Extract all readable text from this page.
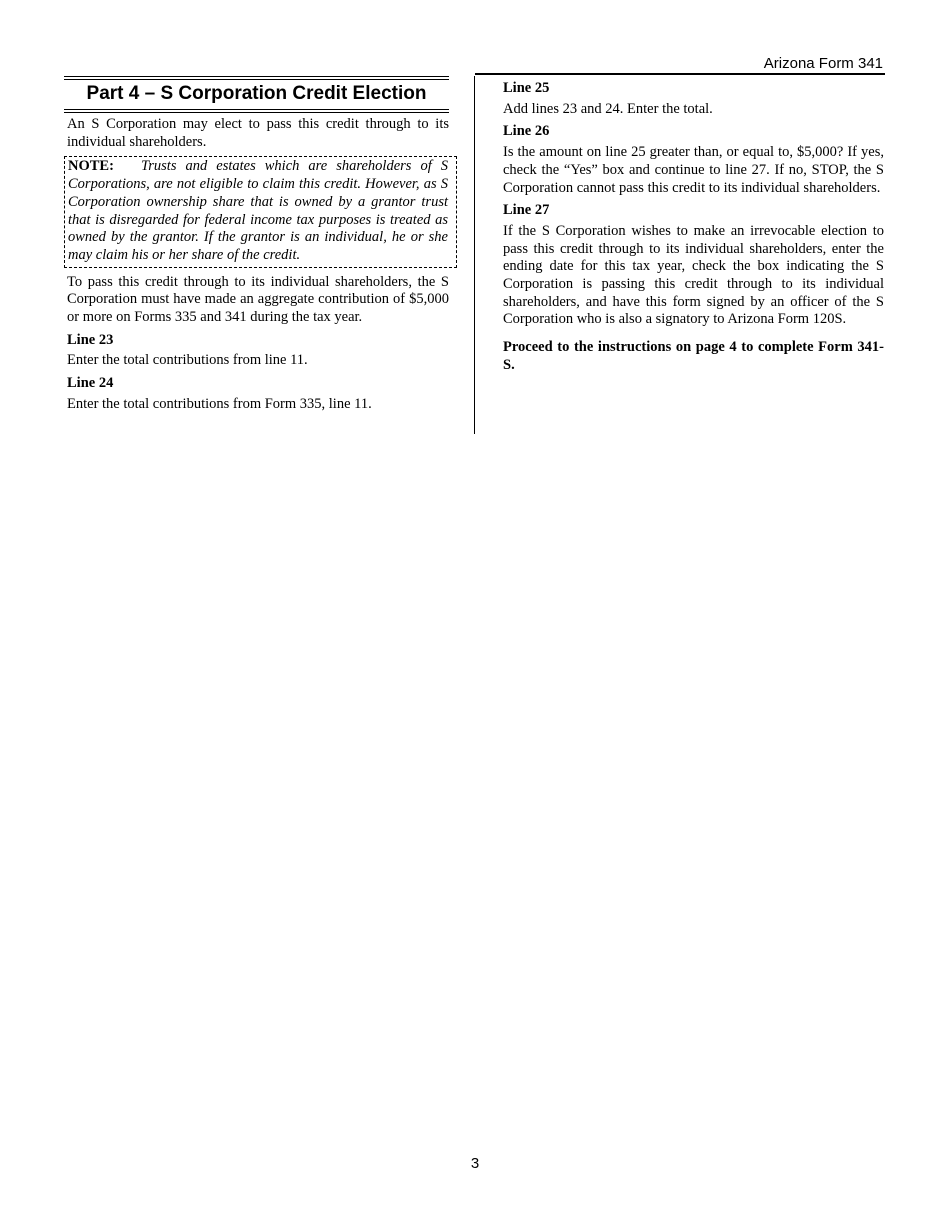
Arizona Form 341
Part 4 – S Corporation Credit Election

An S Corporation may elect to pass this credit through to its individual shareholders.

NOTE: Trusts and estates which are shareholders of S Corporations, are not eligible to claim this credit. However, as S Corporation ownership share that is owned by a grantor trust that is disregarded for federal income tax purposes is treated as owned by the grantor. If the grantor is an individual, he or she may claim his or her share of the credit.

To pass this credit through to its individual shareholders, the S Corporation must have made an aggregate contribution of $5,000 or more on Forms 335 and 341 during the tax year.

Line 23

Enter the total contributions from line 11.

Line 24

Enter the total contributions from Form 335, line 11.

Line 25

Add lines 23 and 24. Enter the total.

Line 26

Is the amount on line 25 greater than, or equal to, $5,000? If yes, check the “Yes” box and continue to line 27. If no, STOP, the S Corporation cannot pass this credit to its individual shareholders.

Line 27

If the S Corporation wishes to make an irrevocable election to pass this credit through to its individual shareholders, enter the ending date for this tax year, check the box indicating the S Corporation is passing this credit through to its individual shareholders, and have this form signed by an officer of the S Corporation who is also a signatory to Arizona Form 120S.

Proceed to the instructions on page 4 to complete Form 341-S.
3
